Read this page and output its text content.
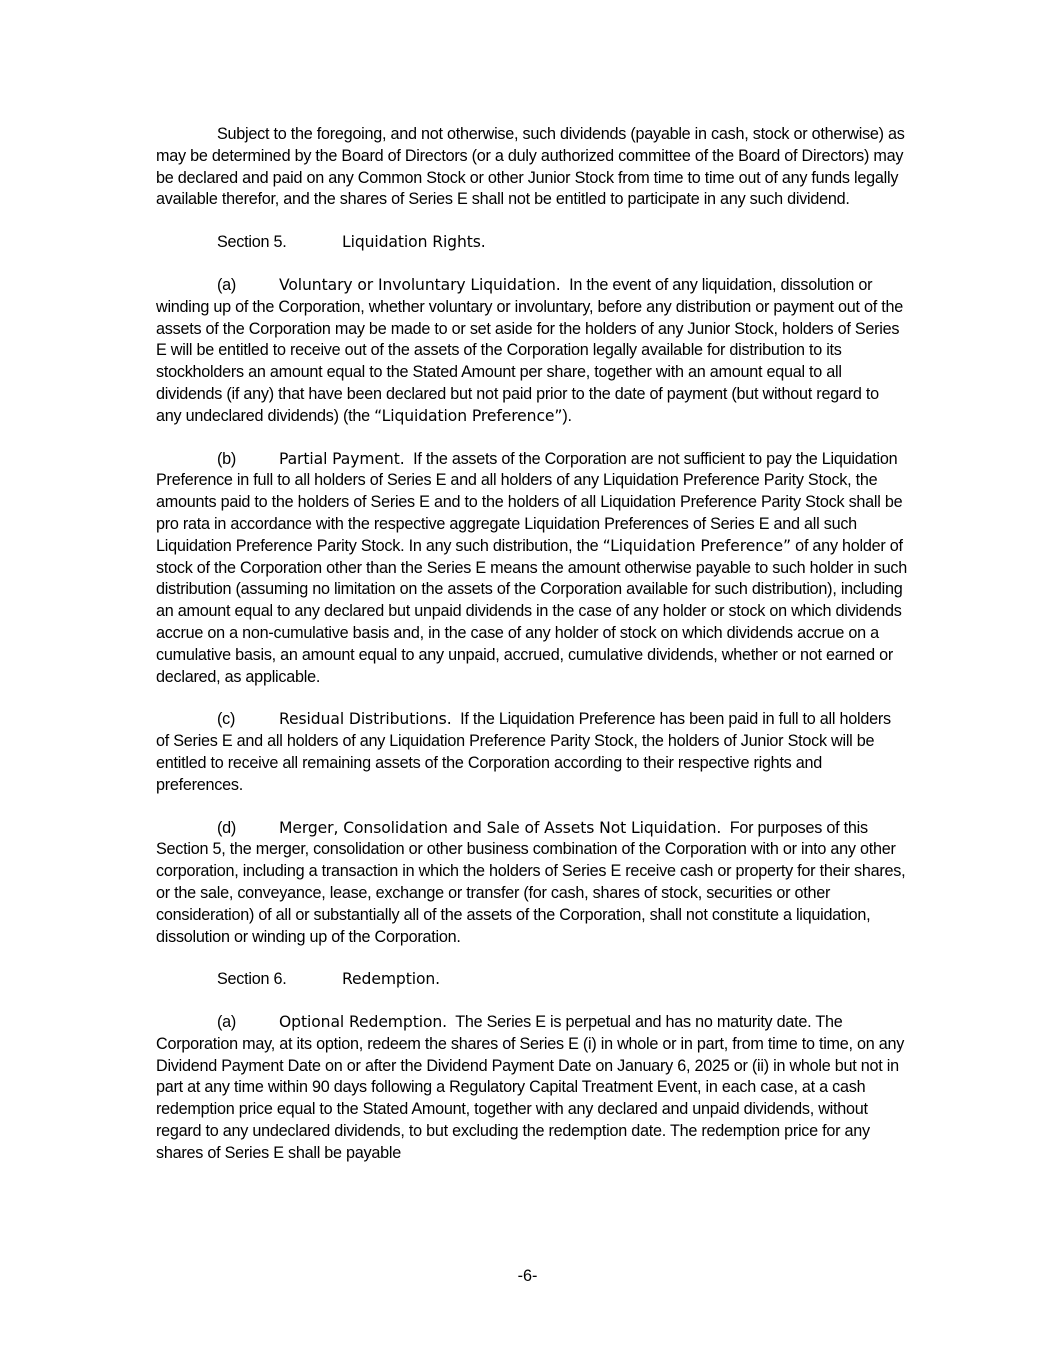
Subject to the foregoing, and not otherwise, such dividends (payable in cash, stock or otherwise) as may be determined by the Board of Directors (or a duly authorized committee of the Board of Directors) may be declared and paid on any Common Stock or other Junior Stock from time to time out of any funds legally available therefor, and the shares of Series E shall not be entitled to participate in any such dividend.

Section 5.	Liquidation Rights.

(a)	Voluntary or Involuntary Liquidation. In the event of any liquidation, dissolution or winding up of the Corporation, whether voluntary or involuntary, before any distribution or payment out of the assets of the Corporation may be made to or set aside for the holders of any Junior Stock, holders of Series E will be entitled to receive out of the assets of the Corporation legally available for distribution to its stockholders an amount equal to the Stated Amount per share, together with an amount equal to all dividends (if any) that have been declared but not paid prior to the date of payment (but without regard to any undeclared dividends) (the “Liquidation Preference”).

(b)	Partial Payment. If the assets of the Corporation are not sufficient to pay the Liquidation Preference in full to all holders of Series E and all holders of any Liquidation Preference Parity Stock, the amounts paid to the holders of Series E and to the holders of all Liquidation Preference Parity Stock shall be pro rata in accordance with the respective aggregate Liquidation Preferences of Series E and all such Liquidation Preference Parity Stock. In any such distribution, the “Liquidation Preference” of any holder of stock of the Corporation other than the Series E means the amount otherwise payable to such holder in such distribution (assuming no limitation on the assets of the Corporation available for such distribution), including an amount equal to any declared but unpaid dividends in the case of any holder or stock on which dividends accrue on a non-cumulative basis and, in the case of any holder of stock on which dividends accrue on a cumulative basis, an amount equal to any unpaid, accrued, cumulative dividends, whether or not earned or declared, as applicable.

(c)	Residual Distributions. If the Liquidation Preference has been paid in full to all holders of Series E and all holders of any Liquidation Preference Parity Stock, the holders of Junior Stock will be entitled to receive all remaining assets of the Corporation according to their respective rights and preferences.

(d)	Merger, Consolidation and Sale of Assets Not Liquidation. For purposes of this Section 5, the merger, consolidation or other business combination of the Corporation with or into any other corporation, including a transaction in which the holders of Series E receive cash or property for their shares, or the sale, conveyance, lease, exchange or transfer (for cash, shares of stock, securities or other consideration) of all or substantially all of the assets of the Corporation, shall not constitute a liquidation, dissolution or winding up of the Corporation.

Section 6.	Redemption.

(a)	Optional Redemption. The Series E is perpetual and has no maturity date. The Corporation may, at its option, redeem the shares of Series E (i) in whole or in part, from time to time, on any Dividend Payment Date on or after the Dividend Payment Date on January 6, 2025 or (ii) in whole but not in part at any time within 90 days following a Regulatory Capital Treatment Event, in each case, at a cash redemption price equal to the Stated Amount, together with any declared and unpaid dividends, without regard to any undeclared dividends, to but excluding the redemption date. The redemption price for any shares of Series E shall be payable

-6-
